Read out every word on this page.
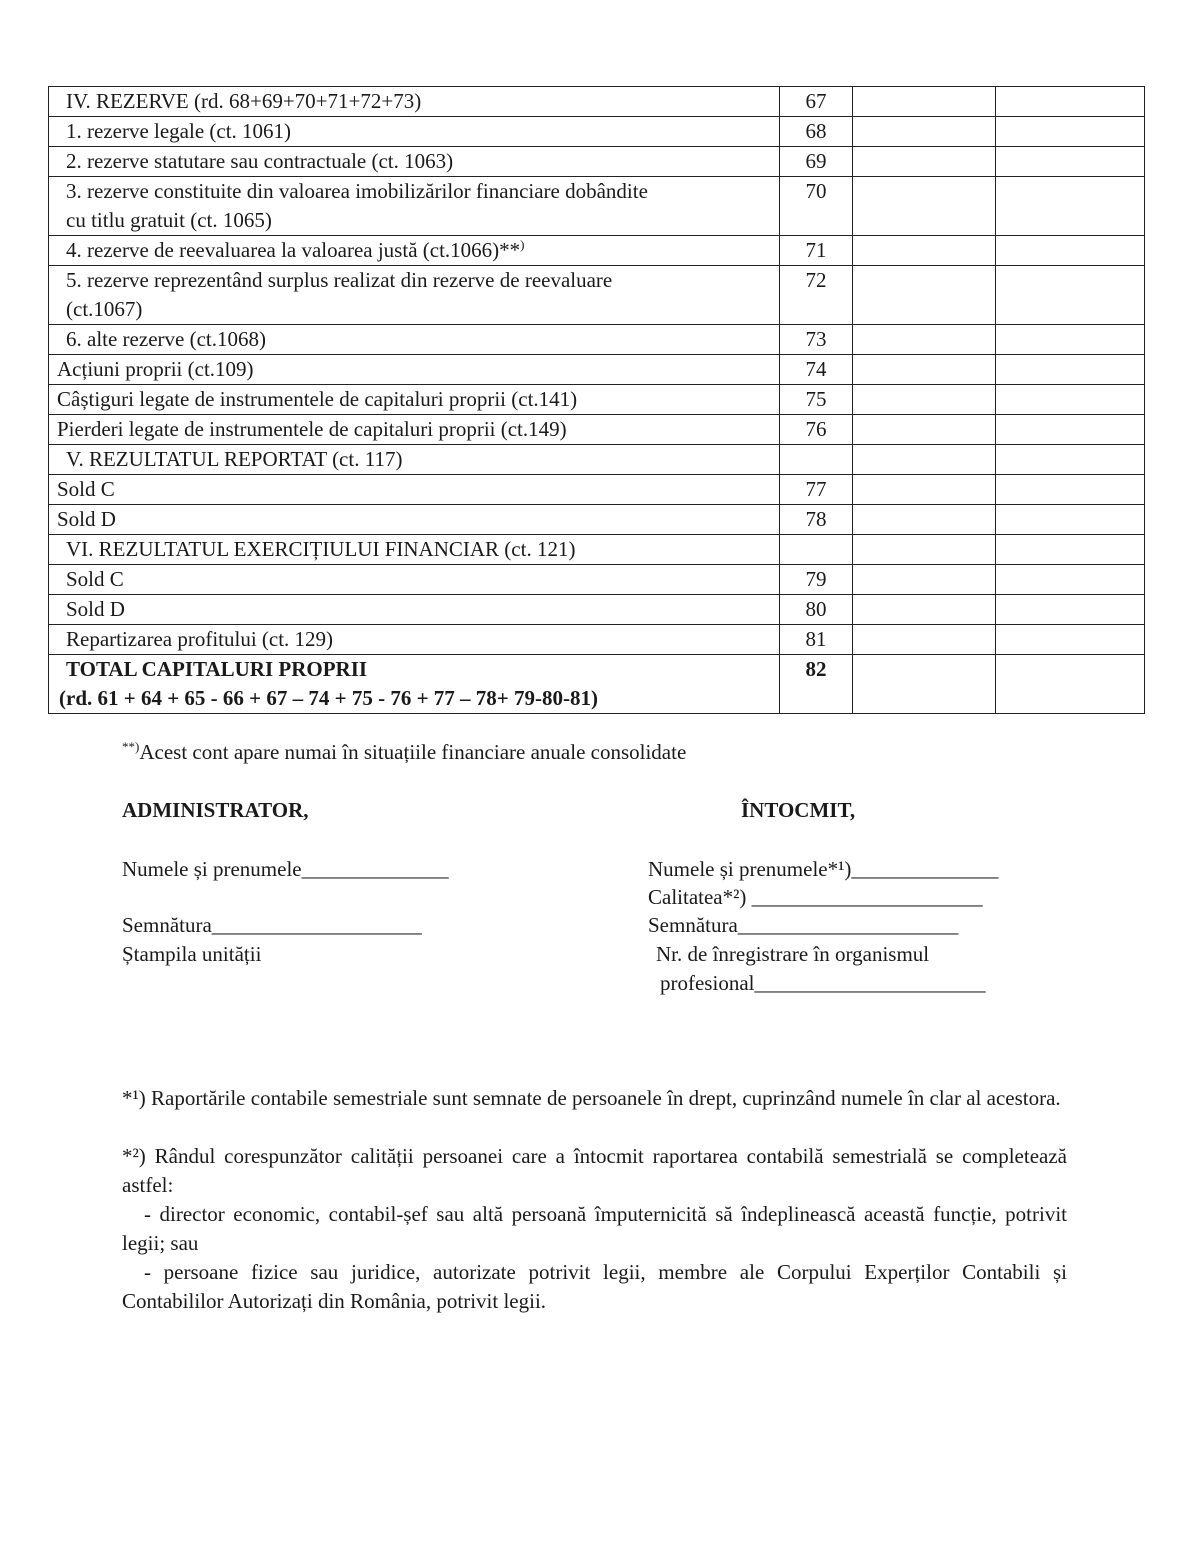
IV. REZERVE (rd. 68+69+70+71+72+73)	67		
1. rezerve legale (ct. 1061)	68		
2. rezerve statutare sau contractuale (ct. 1063)	69		
3. rezerve constituite din valoarea imobilizărilor financiare dobândite
cu titlu gratuit (ct. 1065)	70		
4. rezerve de reevaluarea la valoarea justă (ct.1066)**)	71		
5. rezerve reprezentând surplus realizat din rezerve de reevaluare
(ct.1067)	72		
6. alte rezerve (ct.1068)	73		
Acțiuni proprii (ct.109)	74		
Câștiguri legate de instrumentele de capitaluri proprii (ct.141)	75		
Pierderi legate de instrumentele de capitaluri proprii (ct.149)	76		
V. REZULTATUL REPORTAT (ct. 117)			
Sold C	77		
Sold D	78		
VI. REZULTATUL EXERCIȚIULUI FINANCIAR (ct. 121)			
Sold C	79		
Sold D	80		
Repartizarea profitului (ct. 129)	81		
TOTAL CAPITALURI PROPRII
(rd. 61 + 64 + 65 - 66 + 67 – 74 + 75 - 76 + 77 – 78+ 79-80-81)	82		
**)Acest cont apare numai în situațiile financiare anuale consolidate
ADMINISTRATOR,
Numele și prenumele______________
Semnătura____________________
Ștampila unității
ÎNTOCMIT,
Numele și prenumele*¹)______________
Calitatea*²) ______________________
Semnătura_____________________
Nr. de înregistrare în organismul
profesional______________________
*¹) Raportările contabile semestriale sunt semnate de persoanele în drept, cuprinzând numele în clar al acestora.
*²) Rândul corespunzător calității persoanei care a întocmit raportarea contabilă semestrială se completează astfel:
- director economic, contabil-șef sau altă persoană împuternicită să îndeplinească această funcție, potrivit legii; sau
- persoane fizice sau juridice, autorizate potrivit legii, membre ale Corpului Experților Contabili și Contabililor Autorizați din România, potrivit legii.
